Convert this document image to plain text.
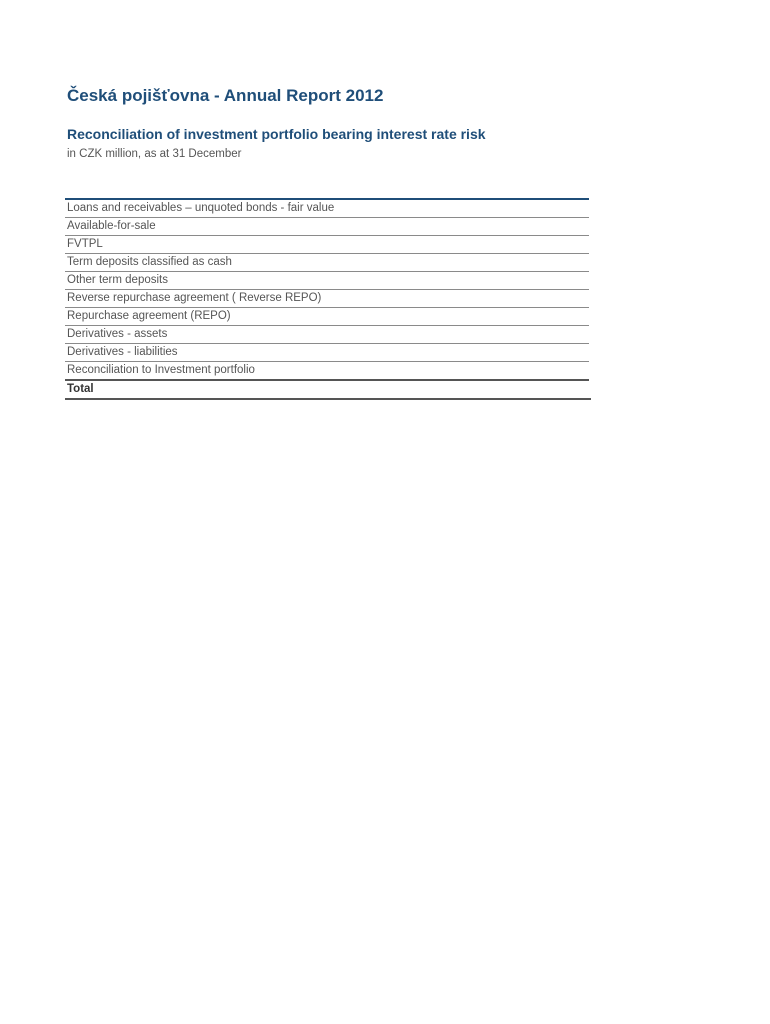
Česká pojišťovna - Annual Report 2012
Reconciliation of investment portfolio bearing interest rate risk
in CZK million, as at 31 December
Loans and receivables – unquoted bonds - fair value
Available-for-sale
FVTPL
Term deposits classified as cash
Other term deposits
Reverse repurchase agreement ( Reverse REPO)
Repurchase agreement (REPO)
Derivatives - assets
Derivatives - liabilities
Reconciliation to Investment portfolio
Total
